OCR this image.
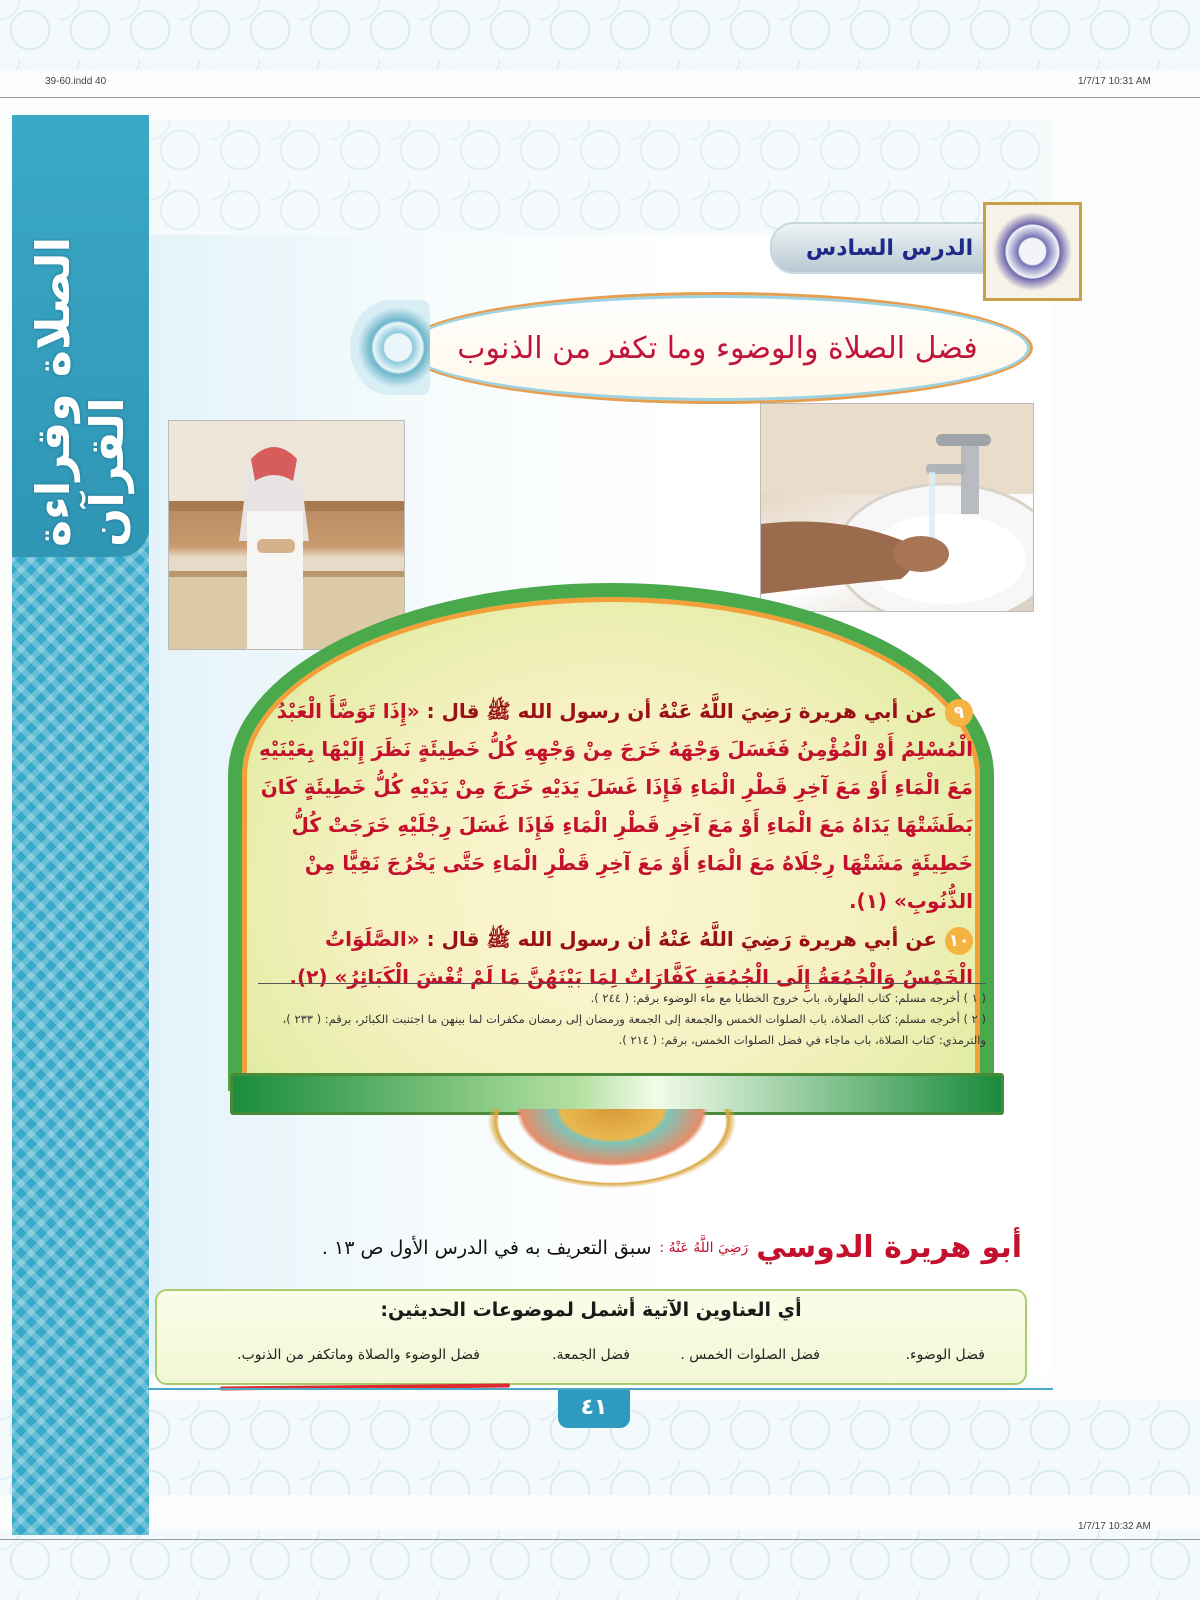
39-60.indd 40	1/7/17 10:31 AM
1/7/17 10:32 AM
الصلاة وقراءة القرآن
الدرس السادس
فضل الصلاة والوضوء وما تكفر من الذنوب
٩عن أبي هريرة رَضِيَ اللَّهُ عَنْهُ أن رسول الله ﷺ قال : «إِذَا تَوَضَّأَ الْعَبْدُ الْمُسْلِمُ أَوْ الْمُؤْمِنُ فَغَسَلَ وَجْهَهُ خَرَجَ مِنْ وَجْهِهِ كُلُّ خَطِيئَةٍ نَظَرَ إِلَيْهَا بِعَيْنَيْهِ مَعَ الْمَاءِ أَوْ مَعَ آخِرِ قَطْرِ الْمَاءِ فَإِذَا غَسَلَ يَدَيْهِ خَرَجَ مِنْ يَدَيْهِ كُلُّ خَطِيئَةٍ كَانَ بَطَشَتْهَا يَدَاهُ مَعَ الْمَاءِ أَوْ مَعَ آخِرِ قَطْرِ الْمَاءِ فَإِذَا غَسَلَ رِجْلَيْهِ خَرَجَتْ كُلُّ خَطِيئَةٍ مَشَتْهَا رِجْلَاهُ مَعَ الْمَاءِ أَوْ مَعَ آخِرِ قَطْرِ الْمَاءِ حَتَّى يَخْرُجَ نَقِيًّا مِنْ الذُّنُوبِ» (١).
١٠عن أبي هريرة رَضِيَ اللَّهُ عَنْهُ أن رسول الله ﷺ قال : «الصَّلَوَاتُ الْخَمْسُ وَالْجُمُعَةُ إِلَى الْجُمُعَةِ كَفَّارَاتٌ لِمَا بَيْنَهُنَّ مَا لَمْ تُغْشَ الْكَبَائِرُ» (٢).
( ١ ) أخرجه مسلم: كتاب الطهارة، باب خروج الخطايا مع ماء الوضوء برقم: ( ٢٤٤ ).
( ٢ ) أخرجه مسلم: كتاب الصلاة، باب الصلوات الخمس والجمعة إلى الجمعة ورمضان إلى رمضان مكفرات لما بينهن ما اجتنبت الكبائر، برقم: ( ٢٣٣ )، والترمذي: كتاب الصلاة، باب ماجاء في فضل الصلوات الخمس، برقم: ( ٢١٤ ).
أبو هريرة الدوسي
رَضِيَ اللَّهُ عَنْهُ :
سبق التعريف به في الدرس الأول ص ١٣ .
أي العناوين الآتية أشمل لموضوعات الحديثين:
فضل الوضوء.
فضل الصلوات الخمس .
فضل الجمعة.
فضل الوضوء والصلاة وماتكفر من الذنوب.
٤١
